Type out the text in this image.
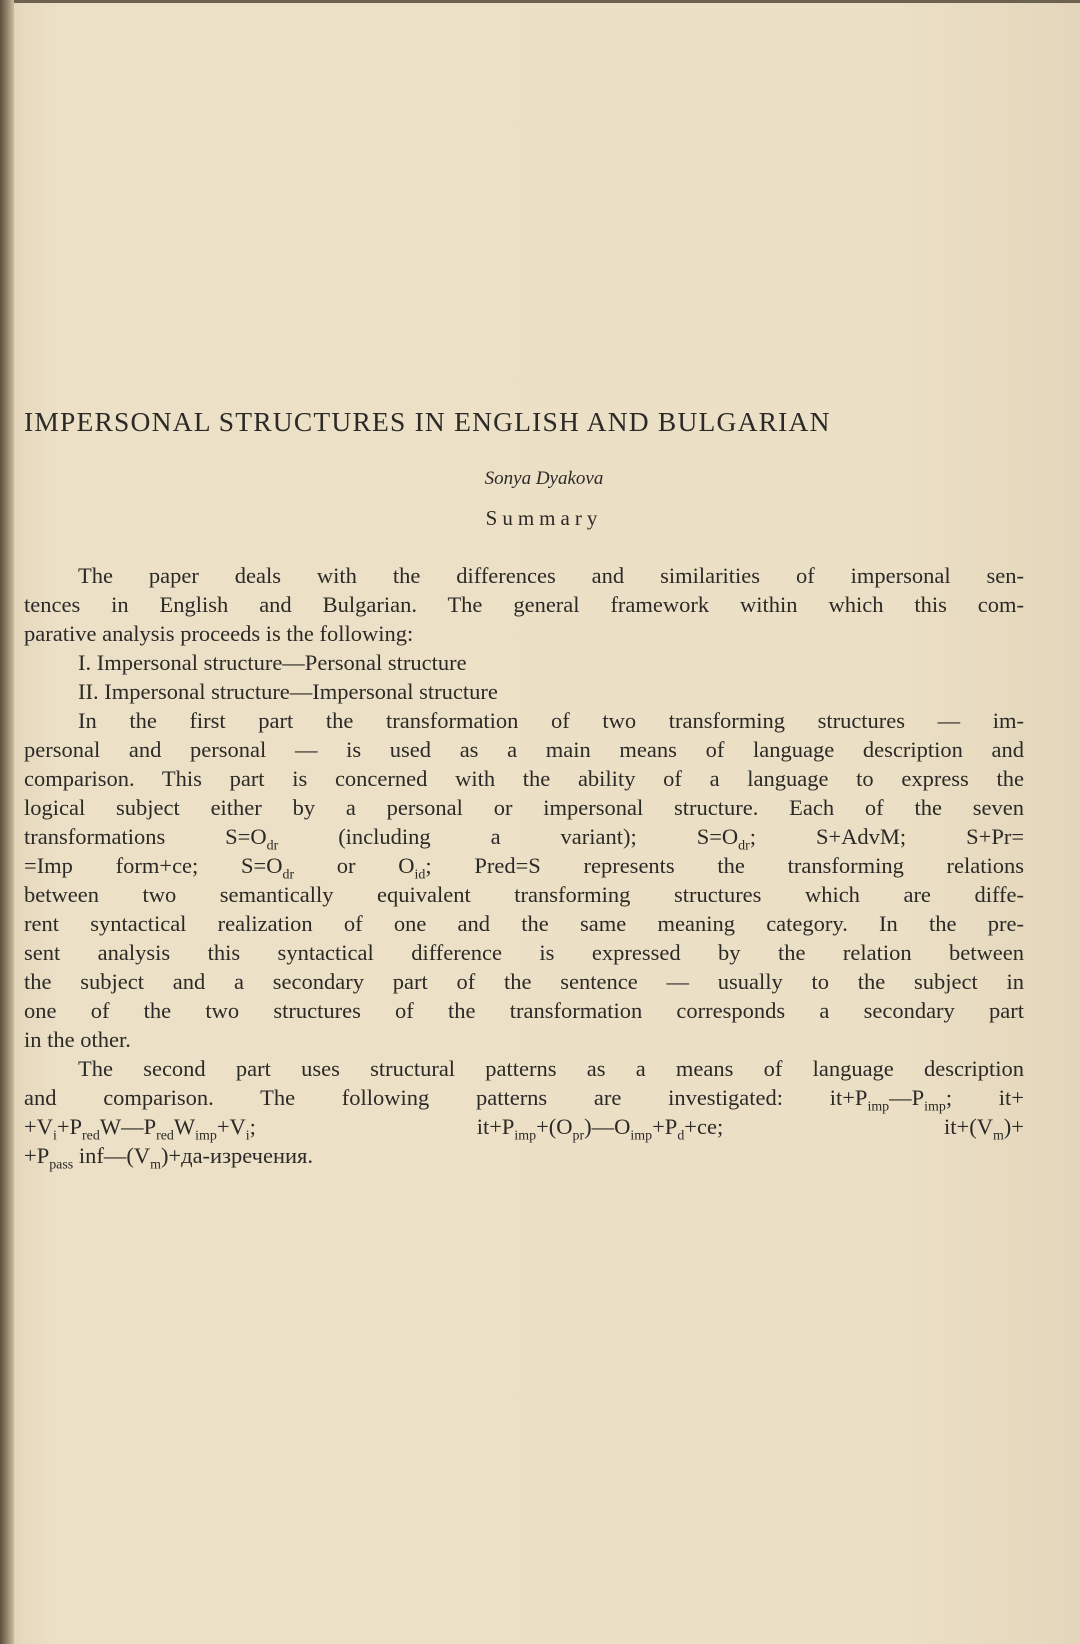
IMPERSONAL STRUCTURES IN ENGLISH AND BULGARIAN
Sonya Dyakova
Summary
The paper deals with the differences and similarities of impersonal sen-
tences in English and Bulgarian. The general framework within which this com-
parative analysis proceeds is the following:
I. Impersonal structure—Personal structure
II. Impersonal structure—Impersonal structure
In the first part the transformation of two transforming structures — im-
personal and personal — is used as a main means of language description and
comparison. This part is concerned with the ability of a language to express the
logical subject either by a personal or impersonal structure. Each of the seven
transformations $S=O_{dr}$ (including a variant); $S=O_{dr}$; S+AdvM; S+Pr=
=Imp form+ce; $S=O_{dr}$ or $O_{id}$; Pred=S represents the transforming relations
between two semantically equivalent transforming structures which are diffe-
rent syntactical realization of one and the same meaning category. In the pre-
sent analysis this syntactical difference is expressed by the relation between
the subject and a secondary part of the sentence — usually to the subject in
one of the two structures of the transformation corresponds a secondary part
in the other.
The second part uses structural patterns as a means of language description
and comparison. The following patterns are investigated: $it+P_{imp}—P_{imp}$; it+
$+V_i+P_{red}W—P_{red}W_{imp}+V_i$; $it+P_{imp}+(O_{pr})—O_{imp}+P_d+ce$; $it+(V_m)+$
$+P_{pass}$ $inf—(V_m)+да$-изречения.
